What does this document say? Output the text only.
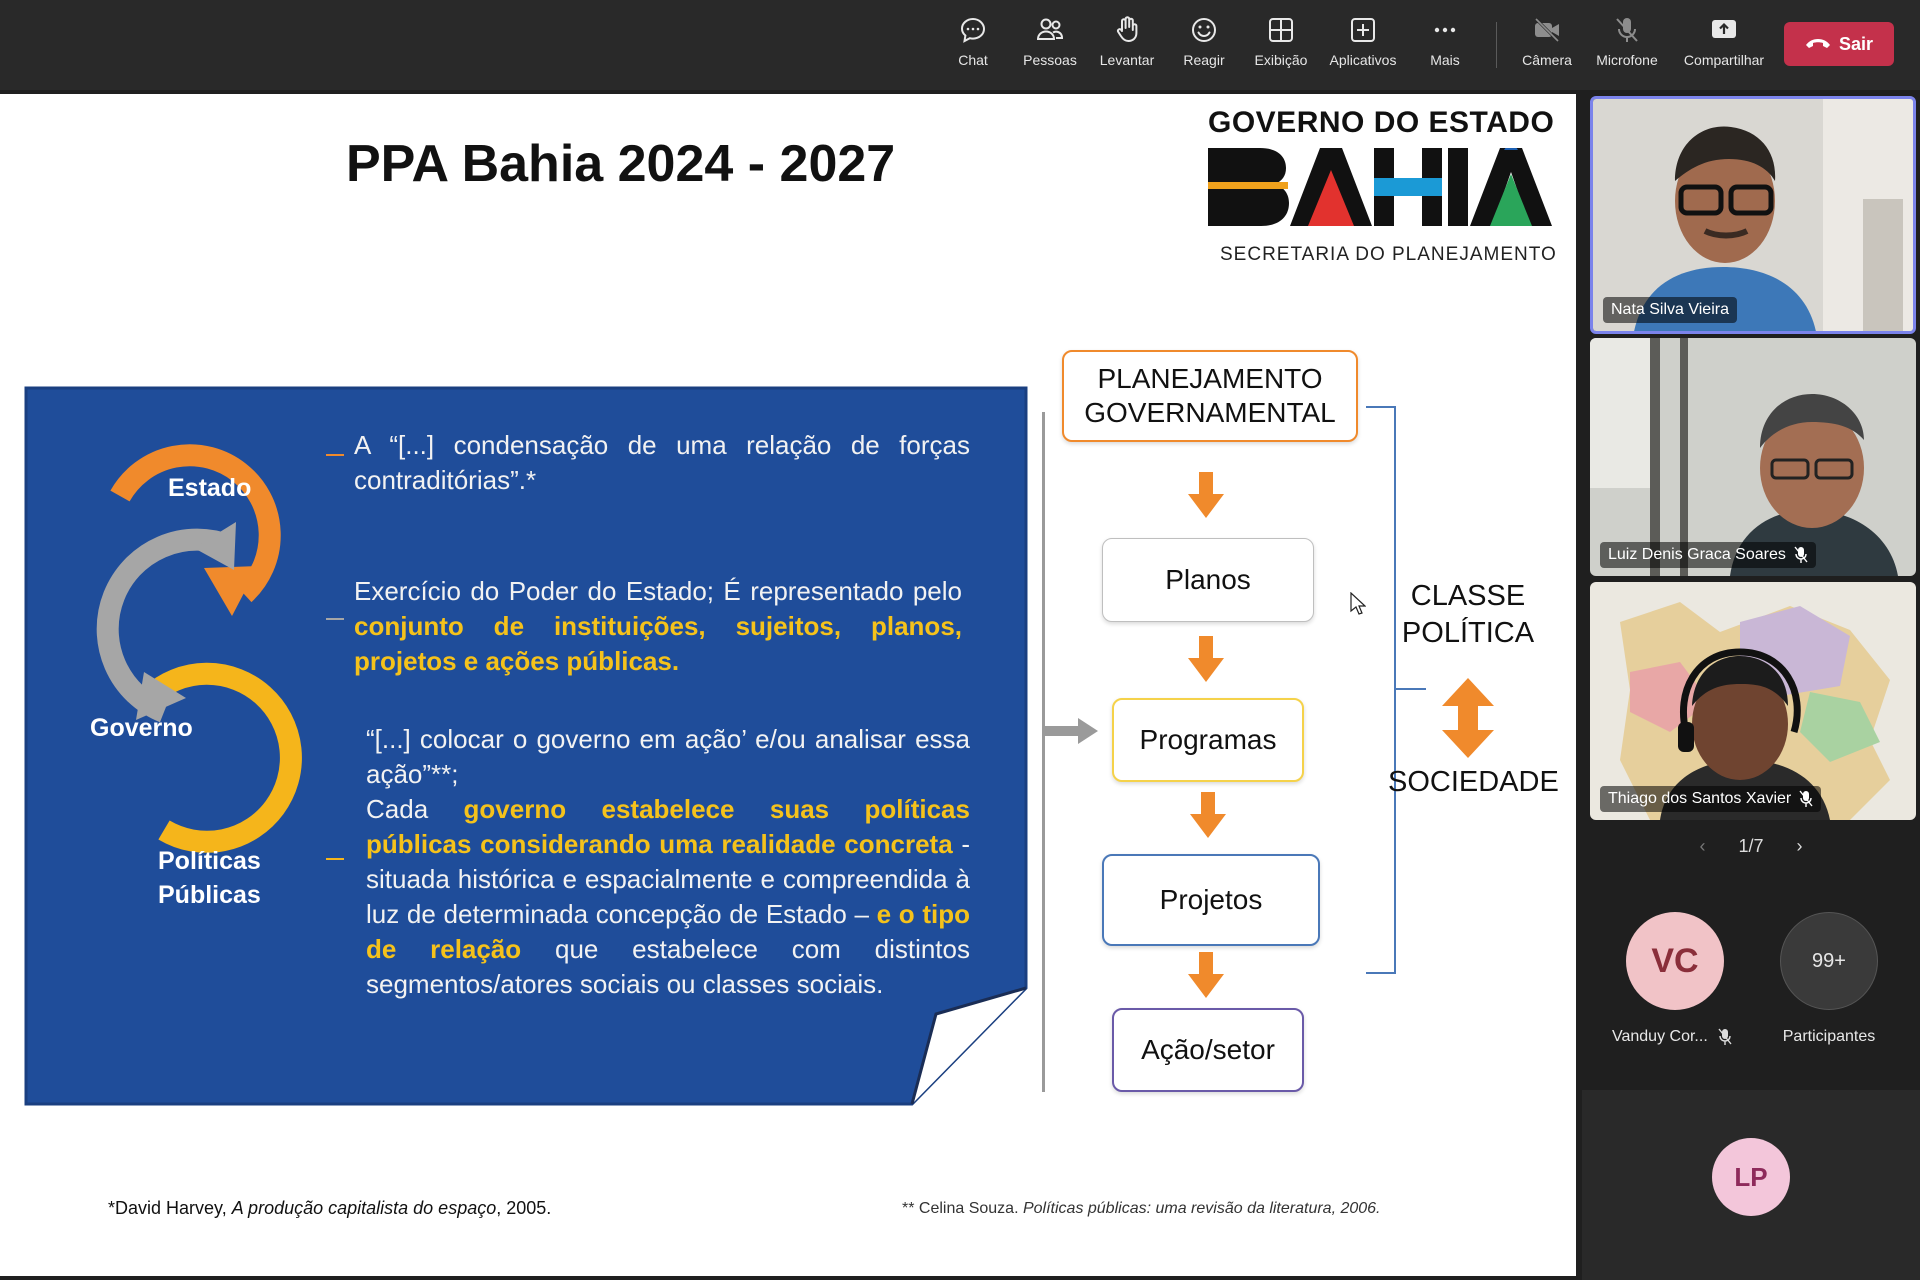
Chat	Pessoas	Levantar	Reagir	Exibição	Aplicativos	Mais	Câmera	Microfone	Compartilhar
Sair
PPA Bahia 2024 - 2027
GOVERNO DO ESTADO
SECRETARIA DO PLANEJAMENTO
Estado
Governo
Políticas
Públicas
A “[...] condensação de uma relação de forças contraditórias”.*
Exercício do Poder do Estado; É representado pelo conjunto de instituições, sujeitos, planos, projetos e ações públicas.
“[...] colocar o governo em ação’ e/ou analisar essa ação”**;
Cada governo estabelece suas políticas públicas considerando uma realidade concreta - situada histórica e espacialmente e compreendida à luz de determinada concepção de Estado – e o tipo de relação que estabelece com distintos segmentos/atores sociais ou classes sociais.
PLANEJAMENTO
GOVERNAMENTAL
Planos
Programas
Projetos
Ação/setor
CLASSE
POLÍTICA
SOCIEDADE
*David Harvey, A produção capitalista do espaço, 2005.	** Celina Souza. Políticas públicas: uma revisão da literatura, 2006.
Nata Silva Vieira
Luiz Denis Graca Soares
Thiago dos Santos Xavier
‹ 1/7 ›
VC
Vanduy Cor...
99+
Participantes
LP
